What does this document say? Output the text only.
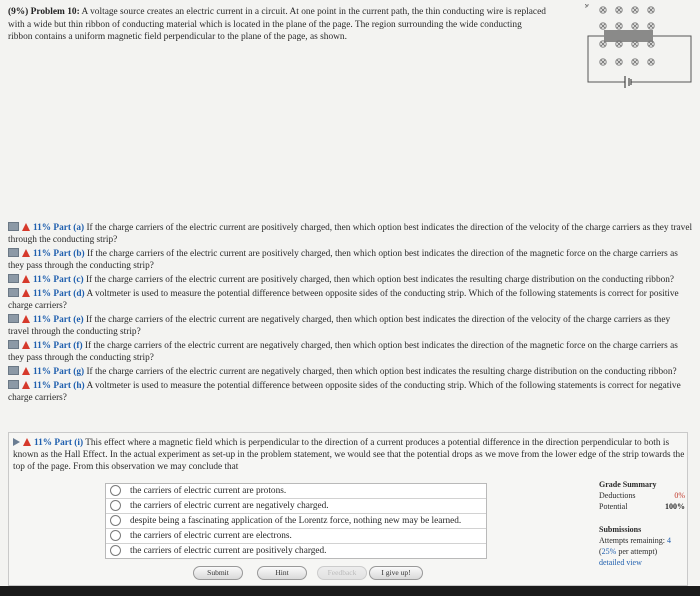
(9%) Problem 10: A voltage source creates an electric current in a circuit. At one point in the current path, the thin conducting wire is replaced with a wide but thin ribbon of conducting material which is located in the plane of the page. The region surrounding the wide conducting ribbon contains a uniform magnetic field perpendicular to the plane of the page, as shown.
11% Part (a) If the charge carriers of the electric current are positively charged, then which option best indicates the direction of the velocity of the charge carriers as they travel through the conducting strip?
11% Part (b) If the charge carriers of the electric current are positively charged, then which option best indicates the direction of the magnetic force on the charge carriers as they pass through the conducting strip?
11% Part (c) If the charge carriers of the electric current are positively charged, then which option best indicates the resulting charge distribution on the conducting ribbon?
11% Part (d) A voltmeter is used to measure the potential difference between opposite sides of the conducting strip. Which of the following statements is correct for positive charge carriers?
11% Part (e) If the charge carriers of the electric current are negatively charged, then which option best indicates the direction of the velocity of the charge carriers as they travel through the conducting strip?
11% Part (f) If the charge carriers of the electric current are negatively charged, then which option best indicates the direction of the magnetic force on the charge carriers as they pass through the conducting strip?
11% Part (g) If the charge carriers of the electric current are negatively charged, then which option best indicates the resulting charge distribution on the conducting ribbon?
11% Part (h) A voltmeter is used to measure the potential difference between opposite sides of the conducting strip. Which of the following statements is correct for negative charge carriers?
11% Part (i) This effect where a magnetic field which is perpendicular to the direction of a current produces a potential difference in the direction perpendicular to both is known as the Hall Effect. In the actual experiment as set-up in the problem statement, we would see that the potential drops as we move from the lower edge of the strip towards the top of the page. From this observation we may conclude that
the carriers of electric current are protons.
the carriers of electric current are negatively charged.
despite being a fascinating application of the Lorentz force, nothing new may be learned.
the carriers of electric current are electrons.
the carriers of electric current are positively charged.
Submit	Hint	Feedback	I give up!
Grade Summary
Deductions	0%
Potential	100%
Submissions
Attempts remaining: 4
(25% per attempt)
detailed view
